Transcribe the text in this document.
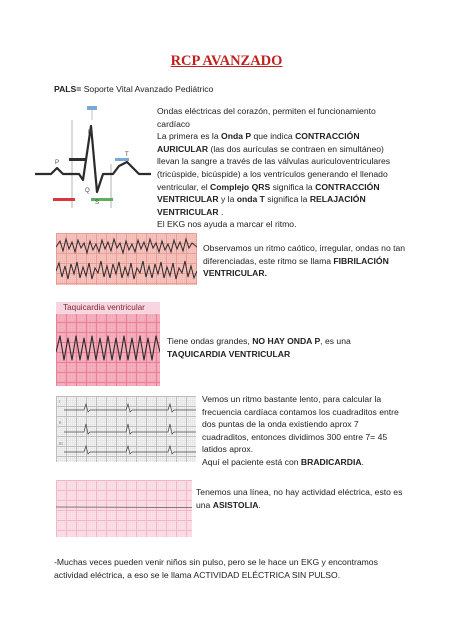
RCP AVANZADO
PALS= Soporte Vital Avanzado Pediátrico
R
P
T
Q
S
Ondas eléctricas del corazón, permiten el funcionamiento cardíaco
La primera es la Onda P que indica CONTRACCIÓN AURICULAR (las dos aurículas se contraen en simultáneo) llevan la sangre a través de las válvulas auriculoventriculares (tricúspide, bicúspide) a los ventrículos generando el llenado ventricular, el Complejo QRS significa la CONTRACCIÓN VENTRICULAR y la onda T significa la RELAJACIÓN VENTRICULAR .
El EKG nos ayuda a marcar el ritmo.
Observamos un ritmo caótico, irregular, ondas no tan diferenciadas, este ritmo se llama FIBRILACIÓN VENTRICULAR.
Taquicardia ventricular
Tiene ondas grandes, NO HAY ONDA P, es una TAQUICARDIA VENTRICULAR
I
II
III
Vemos un ritmo bastante lento, para calcular la frecuencia cardíaca contamos los cuadraditos entre dos puntas de la onda existiendo aprox 7 cuadraditos, entonces dividimos 300 entre 7= 45 latidos aprox.
Aquí el paciente está con BRADICARDIA.
Tenemos una línea, no hay actividad eléctrica, esto es una ASISTOLIA.
-Muchas veces pueden venir niños sin pulso, pero se le hace un EKG y encontramos actividad eléctrica, a eso se le llama ACTIVIDAD ELÉCTRICA SIN PULSO.
